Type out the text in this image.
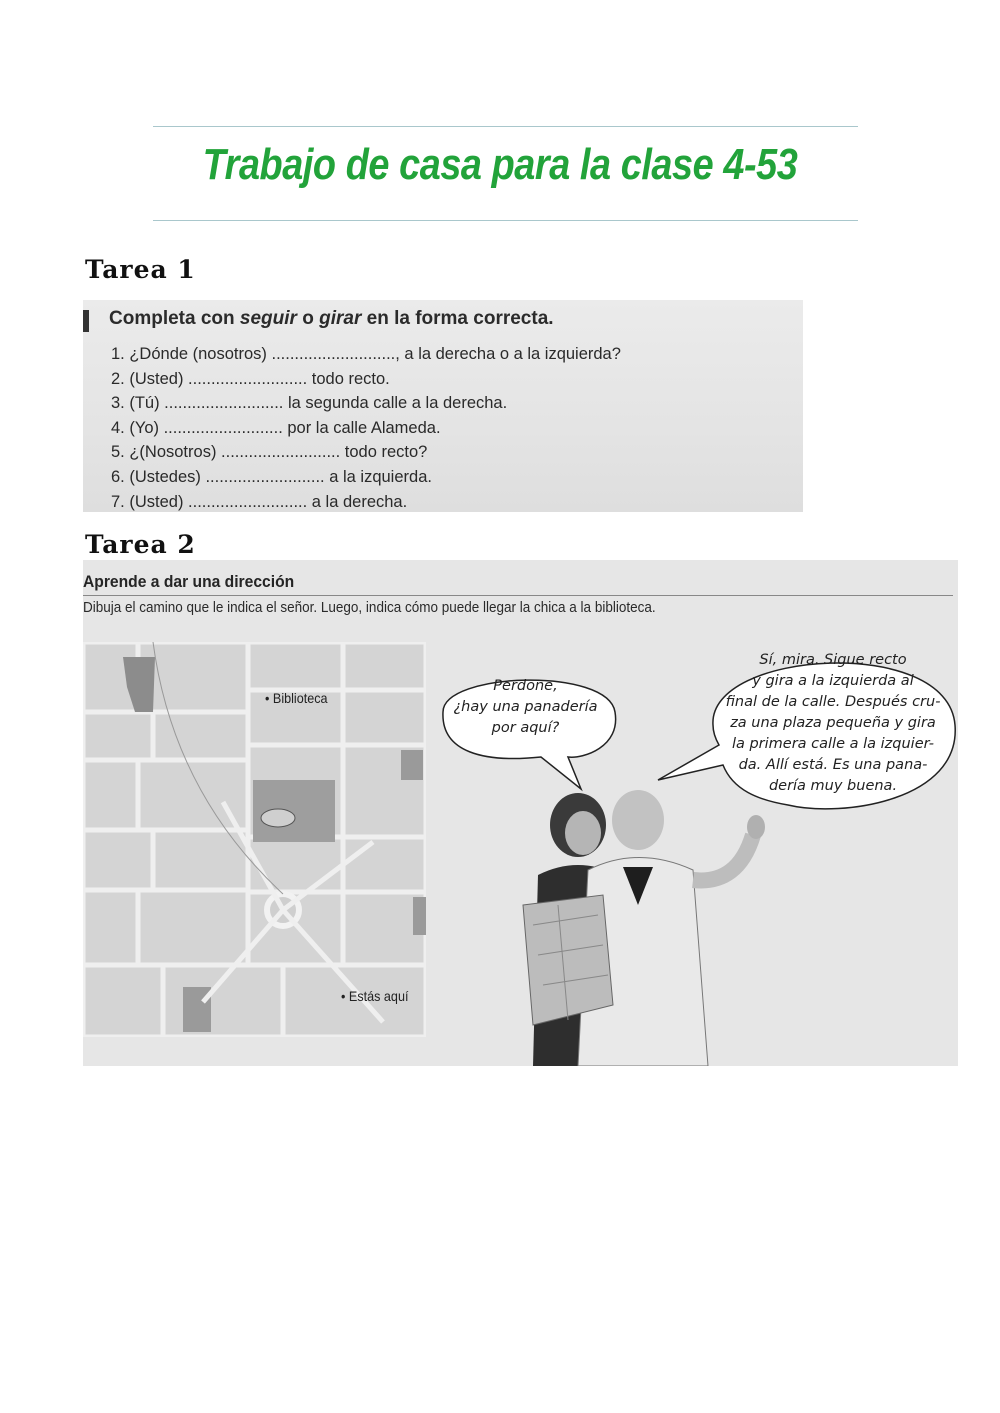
Trabajo de casa para la clase 4-53
Tarea 1
Completa con seguir o girar en la forma correcta.
1. ¿Dónde (nosotros) ..........................., a la derecha o a la izquierda?
2. (Usted) .......................... todo recto.
3. (Tú) .......................... la segunda calle a la derecha.
4. (Yo) .......................... por la calle Alameda.
5. ¿(Nosotros) .......................... todo recto?
6. (Ustedes) .......................... a la izquierda.
7. (Usted) .......................... a la derecha.
Tarea 2
Aprende a dar una dirección
Dibuja el camino que le indica el señor. Luego, indica cómo puede llegar la chica a la biblioteca.
• Biblioteca
• Estás aquí
Perdone,
¿hay una panadería
por aquí?
Sí, mira. Sigue recto
y gira a la izquierda al
final de la calle. Después cru-
za una plaza pequeña y gira
la primera calle a la izquier-
da. Allí está. Es una pana-
dería muy buena.
